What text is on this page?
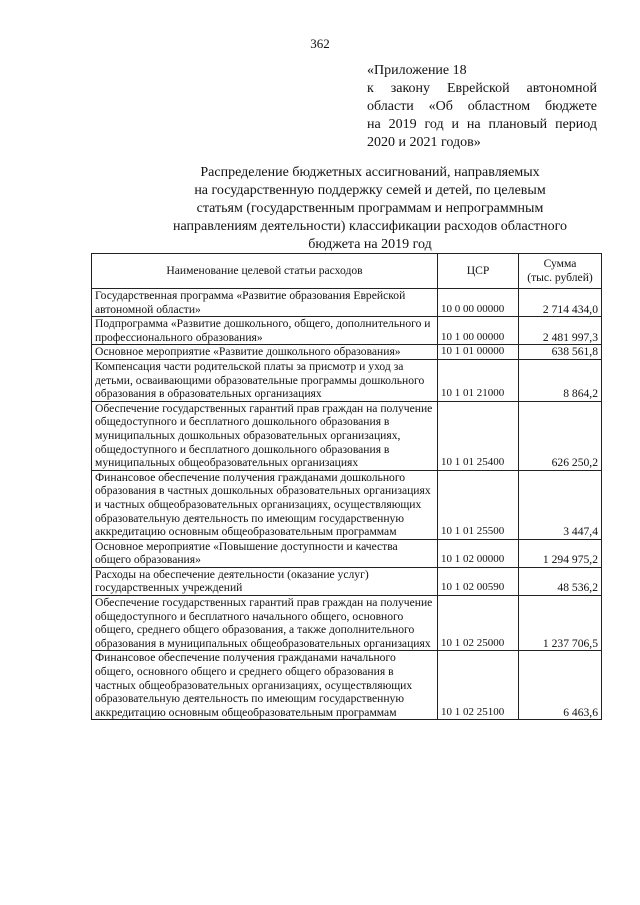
362
«Приложение 18
к закону Еврейской автономной
области «Об областном бюджете
на 2019 год и на плановый период
2020 и 2021 годов»
Распределение бюджетных ассигнований, направляемых
на государственную поддержку семей и детей, по целевым
статьям (государственным программам и непрограммным
направлениям деятельности) классификации расходов областного
бюджета на 2019 год
Наименование целевой статьи расходов	ЦСР	Сумма
(тыс. рублей)

Государственная программа «Развитие образования Еврейской автономной области»	10 0 00 00000	2 714 434,0
Подпрограмма «Развитие дошкольного, общего, дополнительного и профессионального образования»	10 1 00 00000	2 481 997,3
Основное мероприятие «Развитие дошкольного образования»	10 1 01 00000	638 561,8
Компенсация части родительской платы за присмотр и уход за детьми, осваивающими образовательные программы дошкольного образования в образовательных организациях	10 1 01 21000	8 864,2
Обеспечение государственных гарантий прав граждан на получение общедоступного и бесплатного дошкольного образования в муниципальных дошкольных образовательных организациях, общедоступного и бесплатного дошкольного образования в муниципальных общеобразовательных организациях	10 1 01 25400	626 250,2
Финансовое обеспечение получения гражданами дошкольного образования в частных дошкольных образовательных организациях и частных общеобразовательных организациях, осуществляющих образовательную деятельность по имеющим государственную аккредитацию основным общеобразовательным программам	10 1 01 25500	3 447,4
Основное мероприятие «Повышение доступности и качества общего образования»	10 1 02 00000	1 294 975,2
Расходы на обеспечение деятельности (оказание услуг) государственных учреждений	10 1 02 00590	48 536,2
Обеспечение государственных гарантий прав граждан на получение общедоступного и бесплатного начального общего, основного общего, среднего общего образования, а также дополнительного образования в муниципальных общеобразовательных организациях	10 1 02 25000	1 237 706,5
Финансовое обеспечение получения гражданами начального общего, основного общего и среднего общего образования в частных общеобразовательных организациях, осуществляющих образовательную деятельность по имеющим государственную аккредитацию основным общеобразовательным программам	10 1 02 25100	6 463,6
